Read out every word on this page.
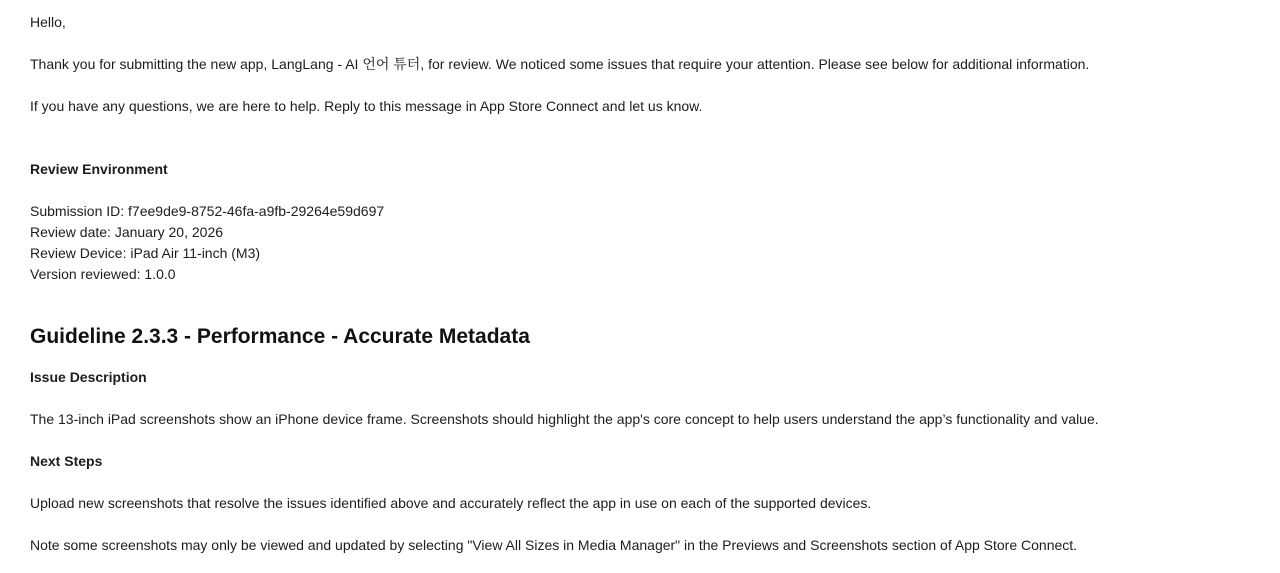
Hello,
Thank you for submitting the new app, LangLang - AI 언어 튜터, for review. We noticed some issues that require your attention. Please see below for additional information.
If you have any questions, we are here to help. Reply to this message in App Store Connect and let us know.
Review Environment
Submission ID: f7ee9de9-8752-46fa-a9fb-29264e59d697
Review date: January 20, 2026
Review Device: iPad Air 11-inch (M3)
Version reviewed: 1.0.0
Guideline 2.3.3 - Performance - Accurate Metadata
Issue Description
The 13-inch iPad screenshots show an iPhone device frame. Screenshots should highlight the app's core concept to help users understand the app’s functionality and value.
Next Steps
Upload new screenshots that resolve the issues identified above and accurately reflect the app in use on each of the supported devices.
Note some screenshots may only be viewed and updated by selecting "View All Sizes in Media Manager" in the Previews and Screenshots section of App Store Connect.
